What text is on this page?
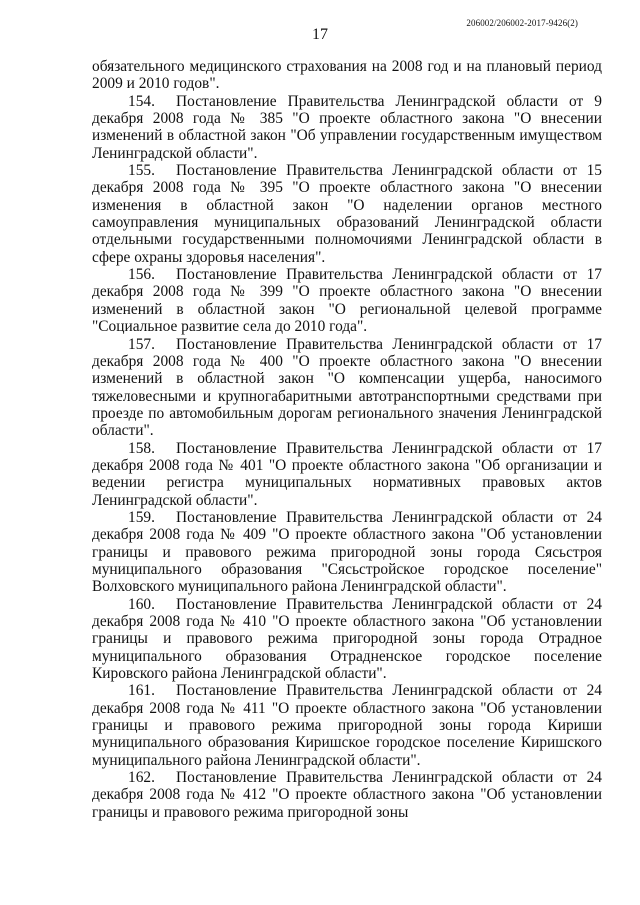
206002/206002-2017-9426(2)
17

обязательного медицинского страхования на 2008 год и на плановый период 2009 и 2010 годов".

154. Постановление Правительства Ленинградской области от 9 декабря 2008 года № 385 "О проекте областного закона "О внесении изменений в областной закон "Об управлении государственным имуществом Ленинградской области".

155. Постановление Правительства Ленинградской области от 15 декабря 2008 года № 395 "О проекте областного закона "О внесении изменения в областной закон "О наделении органов местного самоуправления муниципальных образований Ленинградской области отдельными государственными полномочиями Ленинградской области в сфере охраны здоровья населения".

156. Постановление Правительства Ленинградской области от 17 декабря 2008 года № 399 "О проекте областного закона "О внесении изменений в областной закон "О региональной целевой программе "Социальное развитие села до 2010 года".

157. Постановление Правительства Ленинградской области от 17 декабря 2008 года № 400 "О проекте областного закона "О внесении изменений в областной закон "О компенсации ущерба, наносимого тяжеловесными и крупногабаритными автотранспортными средствами при проезде по автомобильным дорогам регионального значения Ленинградской области".

158. Постановление Правительства Ленинградской области от 17 декабря 2008 года № 401 "О проекте областного закона "Об организации и ведении регистра муниципальных нормативных правовых актов Ленинградской области".

159. Постановление Правительства Ленинградской области от 24 декабря 2008 года № 409 "О проекте областного закона "Об установлении границы и правового режима пригородной зоны города Сясьстроя муниципального образования "Сясьстройское городское поселение" Волховского муниципального района Ленинградской области".

160. Постановление Правительства Ленинградской области от 24 декабря 2008 года № 410 "О проекте областного закона "Об установлении границы и правового режима пригородной зоны города Отрадное муниципального образования Отрадненское городское поселение Кировского района Ленинградской области".

161. Постановление Правительства Ленинградской области от 24 декабря 2008 года № 411 "О проекте областного закона "Об установлении границы и правового режима пригородной зоны города Кириши муниципального образования Киришское городское поселение Киришского муниципального района Ленинградской области".

162. Постановление Правительства Ленинградской области от 24 декабря 2008 года № 412 "О проекте областного закона "Об установлении границы и правового режима пригородной зоны
